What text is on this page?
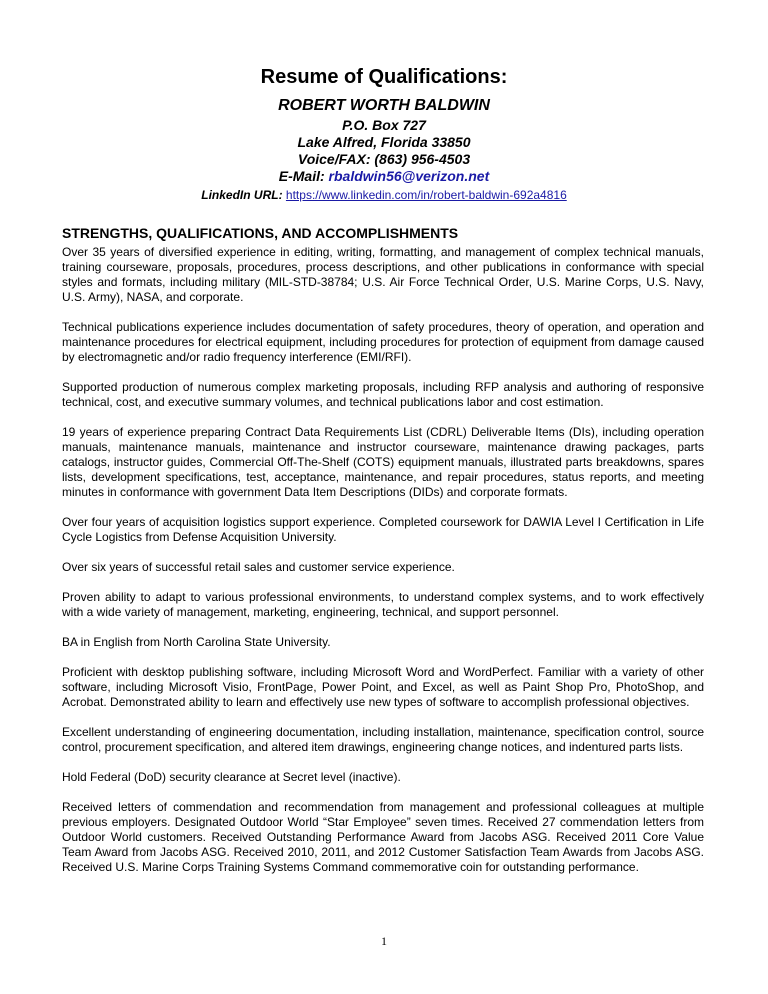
Resume of Qualifications:
ROBERT WORTH BALDWIN
P.O. Box 727
Lake Alfred, Florida 33850
Voice/FAX: (863) 956-4503
E-Mail: rbaldwin56@verizon.net
LinkedIn URL: https://www.linkedin.com/in/robert-baldwin-692a4816
STRENGTHS, QUALIFICATIONS, AND ACCOMPLISHMENTS

Over 35 years of diversified experience in editing, writing, formatting, and management of complex technical manuals, training courseware, proposals, procedures, process descriptions, and other publications in conformance with special styles and formats, including military (MIL-STD-38784; U.S. Air Force Technical Order, U.S. Marine Corps, U.S. Navy, U.S. Army), NASA, and corporate.

Technical publications experience includes documentation of safety procedures, theory of operation, and operation and maintenance procedures for electrical equipment, including procedures for protection of equipment from damage caused by electromagnetic and/or radio frequency interference (EMI/RFI).

Supported production of numerous complex marketing proposals, including RFP analysis and authoring of responsive technical, cost, and executive summary volumes, and technical publications labor and cost estimation.

19 years of experience preparing Contract Data Requirements List (CDRL) Deliverable Items (DIs), including operation manuals, maintenance manuals, maintenance and instructor courseware, maintenance drawing packages, parts catalogs, instructor guides, Commercial Off-The-Shelf (COTS) equipment manuals, illustrated parts breakdowns, spares lists, development specifications, test, acceptance, maintenance, and repair procedures, status reports, and meeting minutes in conformance with government Data Item Descriptions (DIDs) and corporate formats.

Over four years of acquisition logistics support experience. Completed coursework for DAWIA Level I Certification in Life Cycle Logistics from Defense Acquisition University.

Over six years of successful retail sales and customer service experience.

Proven ability to adapt to various professional environments, to understand complex systems, and to work effectively with a wide variety of management, marketing, engineering, technical, and support personnel.

BA in English from North Carolina State University.

Proficient with desktop publishing software, including Microsoft Word and WordPerfect. Familiar with a variety of other software, including Microsoft Visio, FrontPage, Power Point, and Excel, as well as Paint Shop Pro, PhotoShop, and Acrobat. Demonstrated ability to learn and effectively use new types of software to accomplish professional objectives.

Excellent understanding of engineering documentation, including installation, maintenance, specification control, source control, procurement specification, and altered item drawings, engineering change notices, and indentured parts lists.

Hold Federal (DoD) security clearance at Secret level (inactive).

Received letters of commendation and recommendation from management and professional colleagues at multiple previous employers. Designated Outdoor World “Star Employee” seven times. Received 27 commendation letters from Outdoor World customers. Received Outstanding Performance Award from Jacobs ASG. Received 2011 Core Value Team Award from Jacobs ASG. Received 2010, 2011, and 2012 Customer Satisfaction Team Awards from Jacobs ASG. Received U.S. Marine Corps Training Systems Command commemorative coin for outstanding performance.

1
